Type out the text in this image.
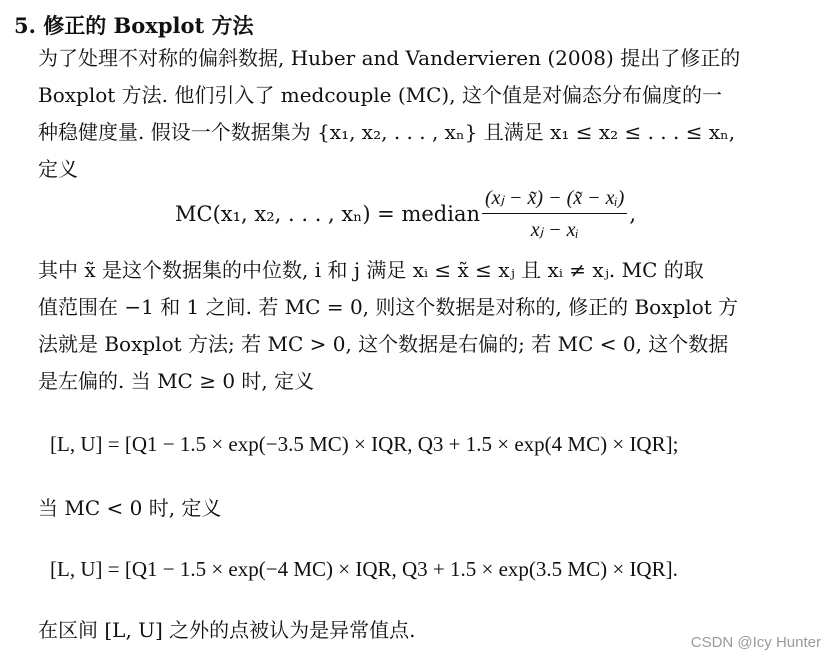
5. 修正的 Boxplot 方法
为了处理不对称的偏斜数据, Huber and Vandervieren (2008) 提出了修正的
Boxplot 方法. 他们引入了 medcouple (MC), 这个值是对偏态分布偏度的一
种稳健度量. 假设一个数据集为 {x₁, x₂, . . . , xₙ} 且满足 x₁ ≤ x₂ ≤ . . . ≤ xₙ,
定义
MC(x₁, x₂, . . . , xₙ) = median $\frac{\text{(xⱼ − x̃) − (x̃ − xᵢ)}}{\text{xⱼ − xᵢ}}$ ,
其中 x̃ 是这个数据集的中位数, i 和 j 满足 xᵢ ≤ x̃ ≤ xⱼ 且 xᵢ ≠ xⱼ. MC 的取
值范围在 −1 和 1 之间. 若 MC = 0, 则这个数据是对称的, 修正的 Boxplot 方
法就是 Boxplot 方法; 若 MC > 0, 这个数据是右偏的; 若 MC < 0, 这个数据
是左偏的. 当 MC ≥ 0 时, 定义
[L, U] = [Q1 − 1.5 × exp(−3.5 MC) × IQR, Q3 + 1.5 × exp(4 MC) × IQR];
当 MC < 0 时, 定义
[L, U] = [Q1 − 1.5 × exp(−4 MC) × IQR, Q3 + 1.5 × exp(3.5 MC) × IQR].
在区间 [L, U] 之外的点被认为是异常值点.
CSDN @Icy Hunter
